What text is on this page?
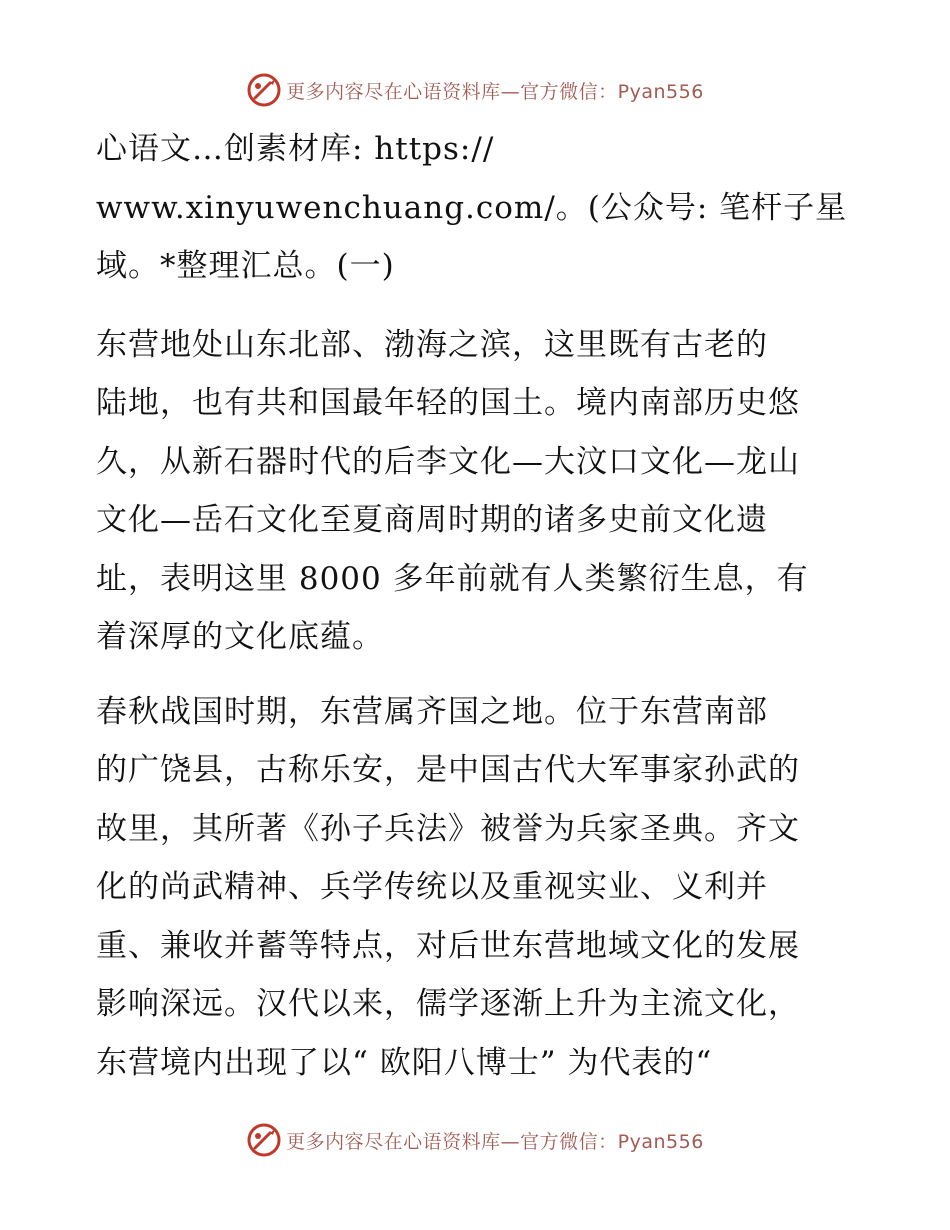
更多内容尽在心语资料库—官方微信：Pyan556

心语文…创素材库: https://
www.xinyuwenchuang.com/。(公众号: 笔杆子星
域。*整理汇总。(一)

东营地处山东北部、渤海之滨，这里既有古老的
陆地，也有共和国最年轻的国土。境内南部历史悠
久，从新石器时代的后李文化—大汶口文化—龙山
文化—岳石文化至夏商周时期的诸多史前文化遗
址，表明这里 8000 多年前就有人类繁衍生息，有
着深厚的文化底蕴。

春秋战国时期，东营属齐国之地。位于东营南部
的广饶县，古称乐安，是中国古代大军事家孙武的
故里，其所著《孙子兵法》被誉为兵家圣典。齐文
化的尚武精神、兵学传统以及重视实业、义利并
重、兼收并蓄等特点，对后世东营地域文化的发展
影响深远。汉代以来，儒学逐渐上升为主流文化，
东营境内出现了以“ 欧阳八博士” 为代表的“

更多内容尽在心语资料库—官方微信：Pyan556
